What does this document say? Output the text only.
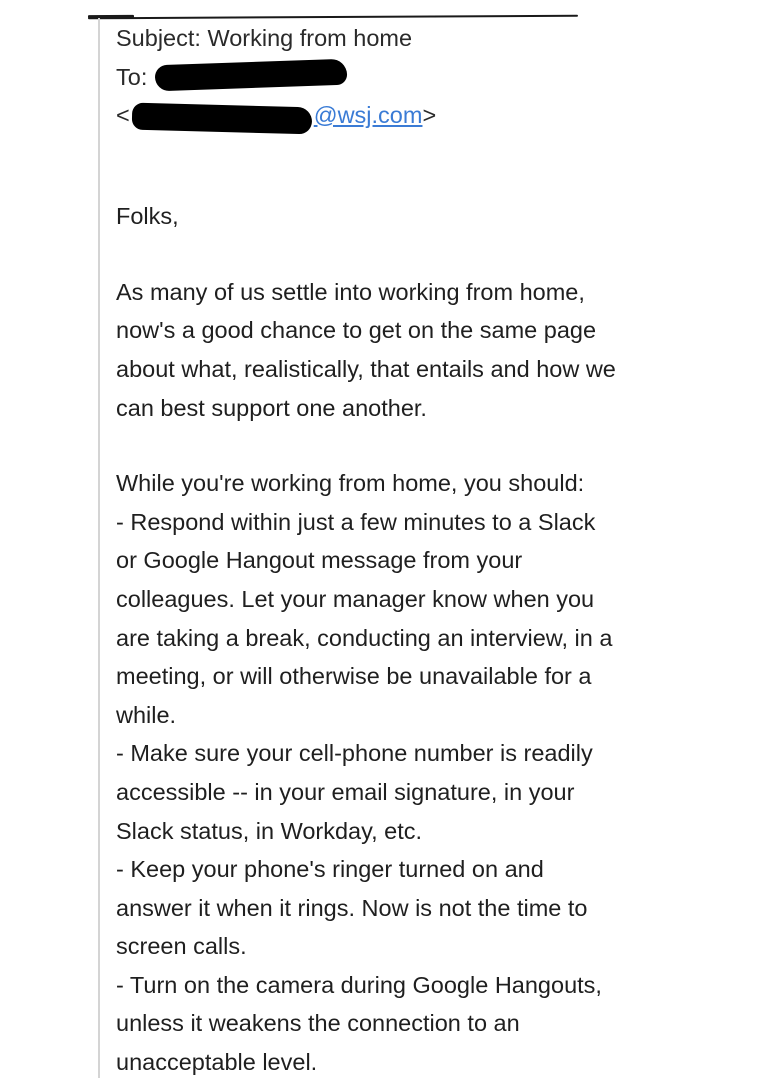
Subject: Working from home
To:
<	@wsj.com>
Folks,
As many of us settle into working from home,
now's a good chance to get on the same page
about what, realistically, that entails and how we
can best support one another.
While you're working from home, you should:
- Respond within just a few minutes to a Slack
or Google Hangout message from your
colleagues. Let your manager know when you
are taking a break, conducting an interview, in a
meeting, or will otherwise be unavailable for a
while.
- Make sure your cell-phone number is readily
accessible -- in your email signature, in your
Slack status, in Workday, etc.
- Keep your phone's ringer turned on and
answer it when it rings. Now is not the time to
screen calls.
- Turn on the camera during Google Hangouts,
unless it weakens the connection to an
unacceptable level.
